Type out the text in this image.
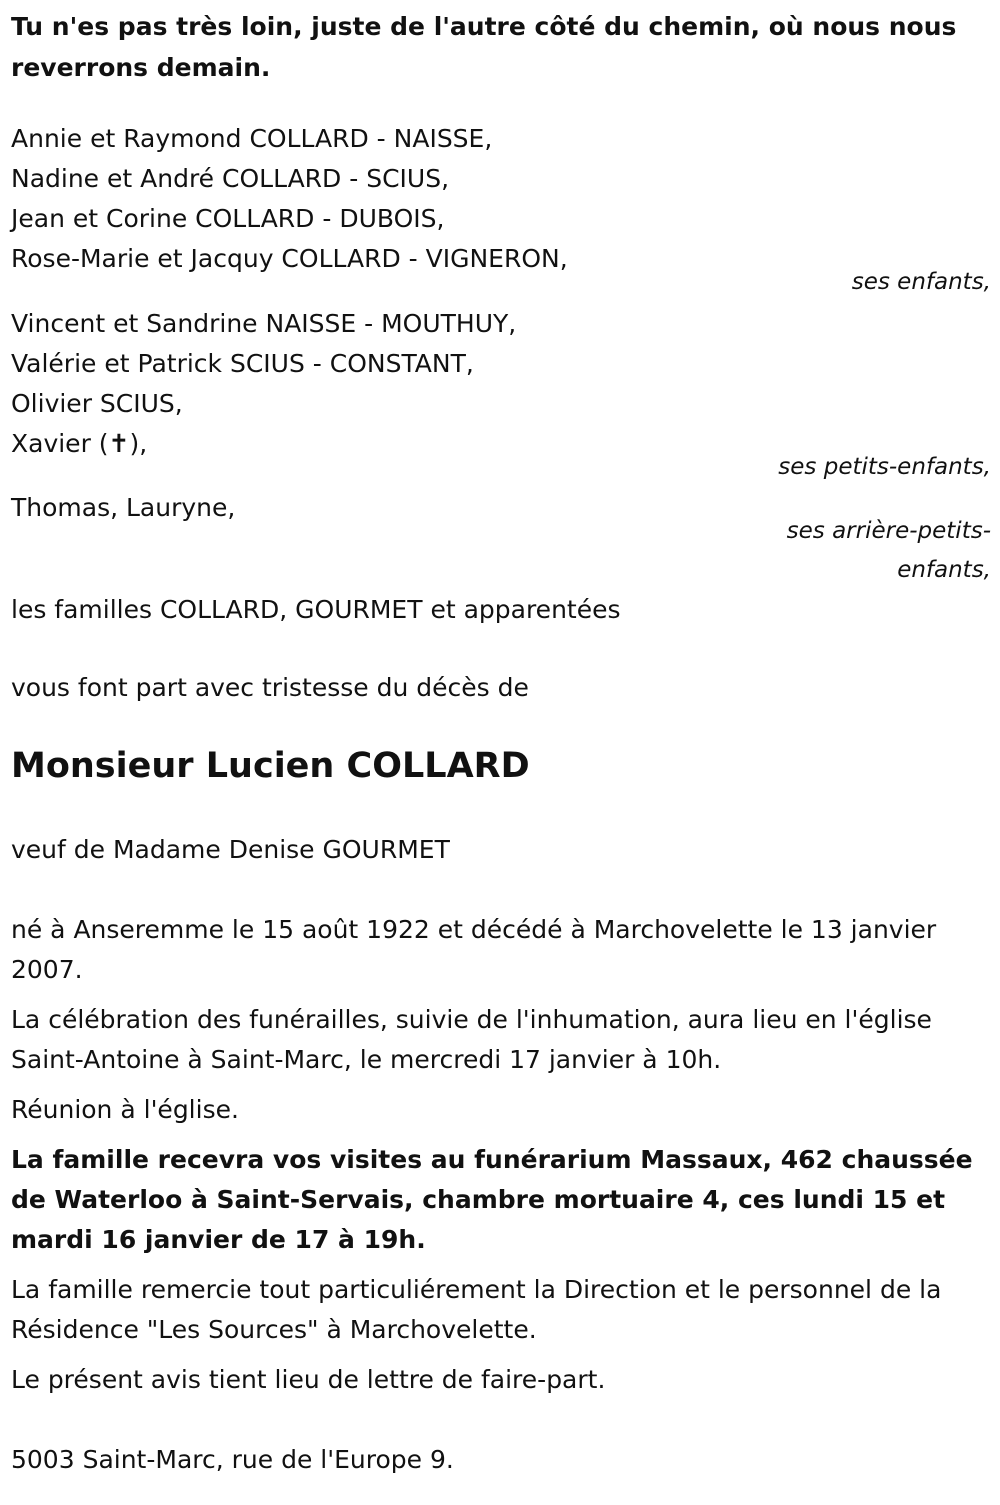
Tu n'es pas très loin, juste de l'autre côté du chemin, où nous nous reverrons demain.
Annie et Raymond COLLARD - NAISSE,
Nadine et André COLLARD - SCIUS,
Jean et Corine COLLARD - DUBOIS,
Rose-Marie et Jacquy COLLARD - VIGNERON,
ses enfants,
Vincent et Sandrine NAISSE - MOUTHUY,
Valérie et Patrick SCIUS - CONSTANT,
Olivier SCIUS,
Xavier (✝),
ses petits-enfants,
Thomas, Lauryne,
ses arrière-petits-
enfants,
les familles COLLARD, GOURMET et apparentées
vous font part avec tristesse du décès de
Monsieur Lucien COLLARD
veuf de Madame Denise GOURMET
né à Anseremme le 15 août 1922 et décédé à Marchovelette le 13 janvier 2007.
La célébration des funérailles, suivie de l'inhumation, aura lieu en l'église Saint-Antoine à Saint-Marc, le mercredi 17 janvier à 10h.
Réunion à l'église.
La famille recevra vos visites au funérarium Massaux, 462 chaussée de Waterloo à Saint-Servais, chambre mortuaire 4, ces lundi 15 et mardi 16 janvier de 17 à 19h.
La famille remercie tout particuliérement la Direction et le personnel de la Résidence "Les Sources" à Marchovelette.
Le présent avis tient lieu de lettre de faire-part.
5003 Saint-Marc, rue de l'Europe 9.
